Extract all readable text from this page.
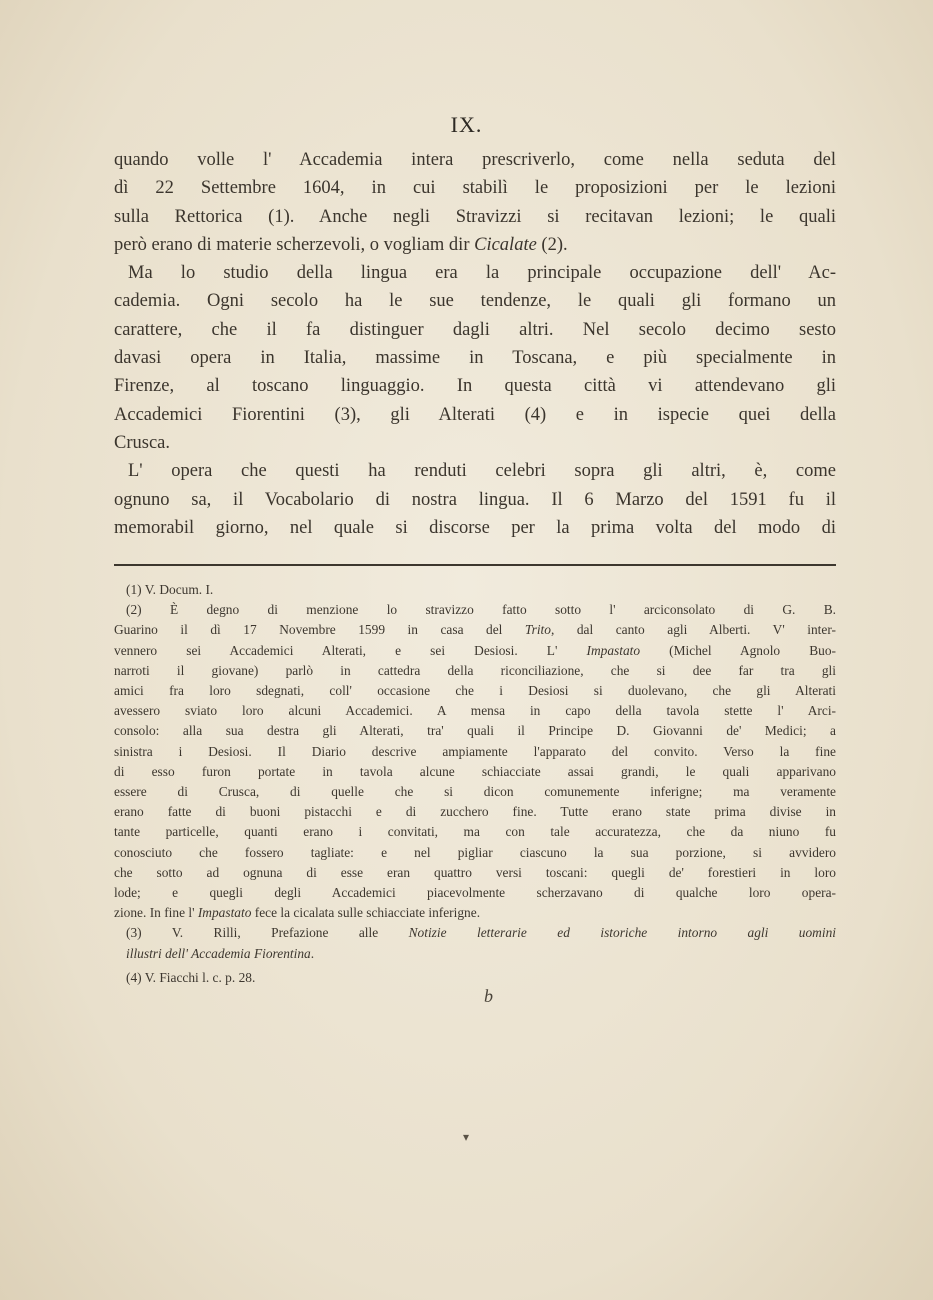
IX.

quando volle l' Accademia intera prescriverlo, come nella seduta del
dì 22 Settembre 1604, in cui stabilì le proposizioni per le lezioni
sulla Rettorica (1). Anche negli Stravizzi si recitavan lezioni; le quali
però erano di materie scherzevoli, o vogliam dir Cicalate (2).

Ma lo studio della lingua era la principale occupazione dell' Ac-
cademia. Ogni secolo ha le sue tendenze, le quali gli formano un
carattere, che il fa distinguer dagli altri. Nel secolo decimo sesto
davasi opera in Italia, massime in Toscana, e più specialmente in
Firenze, al toscano linguaggio. In questa città vi attendevano gli
Accademici Fiorentini (3), gli Alterati (4) e in ispecie quei della
Crusca.

L' opera che questi ha renduti celebri sopra gli altri, è, come
ognuno sa, il Vocabolario di nostra lingua. Il 6 Marzo del 1591 fu il
memorabil giorno, nel quale si discorse per la prima volta del modo di

(1) V. Docum. I.
(2) È degno di menzione lo stravizzo fatto sotto l' arciconsolato di G. B.
Guarino il dì 17 Novembre 1599 in casa del Trito, dal canto agli Alberti. V' inter-
vennero sei Accademici Alterati, e sei Desiosi. L' Impastato (Michel Agnolo Buo-
narroti il giovane) parlò in cattedra della riconciliazione, che si dee far tra gli
amici fra loro sdegnati, coll' occasione che i Desiosi si duolevano, che gli Alterati
avessero sviato loro alcuni Accademici. A mensa in capo della tavola stette l' Arci-
consolo: alla sua destra gli Alterati, tra' quali il Principe D. Giovanni de' Medici; a
sinistra i Desiosi. Il Diario descrive ampiamente l'apparato del convito. Verso la fine
di esso furon portate in tavola alcune schiacciate assai grandi, le quali apparivano
essere di Crusca, di quelle che si dicon comunemente inferigne; ma veramente
erano fatte di buoni pistacchi e di zucchero fine. Tutte erano state prima divise in
tante particelle, quanti erano i convitati, ma con tale accuratezza, che da niuno fu
conosciuto che fossero tagliate: e nel pigliar ciascuno la sua porzione, si avvidero
che sotto ad ognuna di esse eran quattro versi toscani: quegli de' forestieri in loro
lode; e quegli degli Accademici piacevolmente scherzavano di qualche loro opera-
zione. In fine l' Impastato fece la cicalata sulle schiacciate inferigne.
(3) V. Rilli, Prefazione alle Notizie letterarie ed istoriche intorno agli uomini
illustri dell' Accademia Fiorentina.
(4) V. Fiacchi l. c. p. 28.
b
▾
